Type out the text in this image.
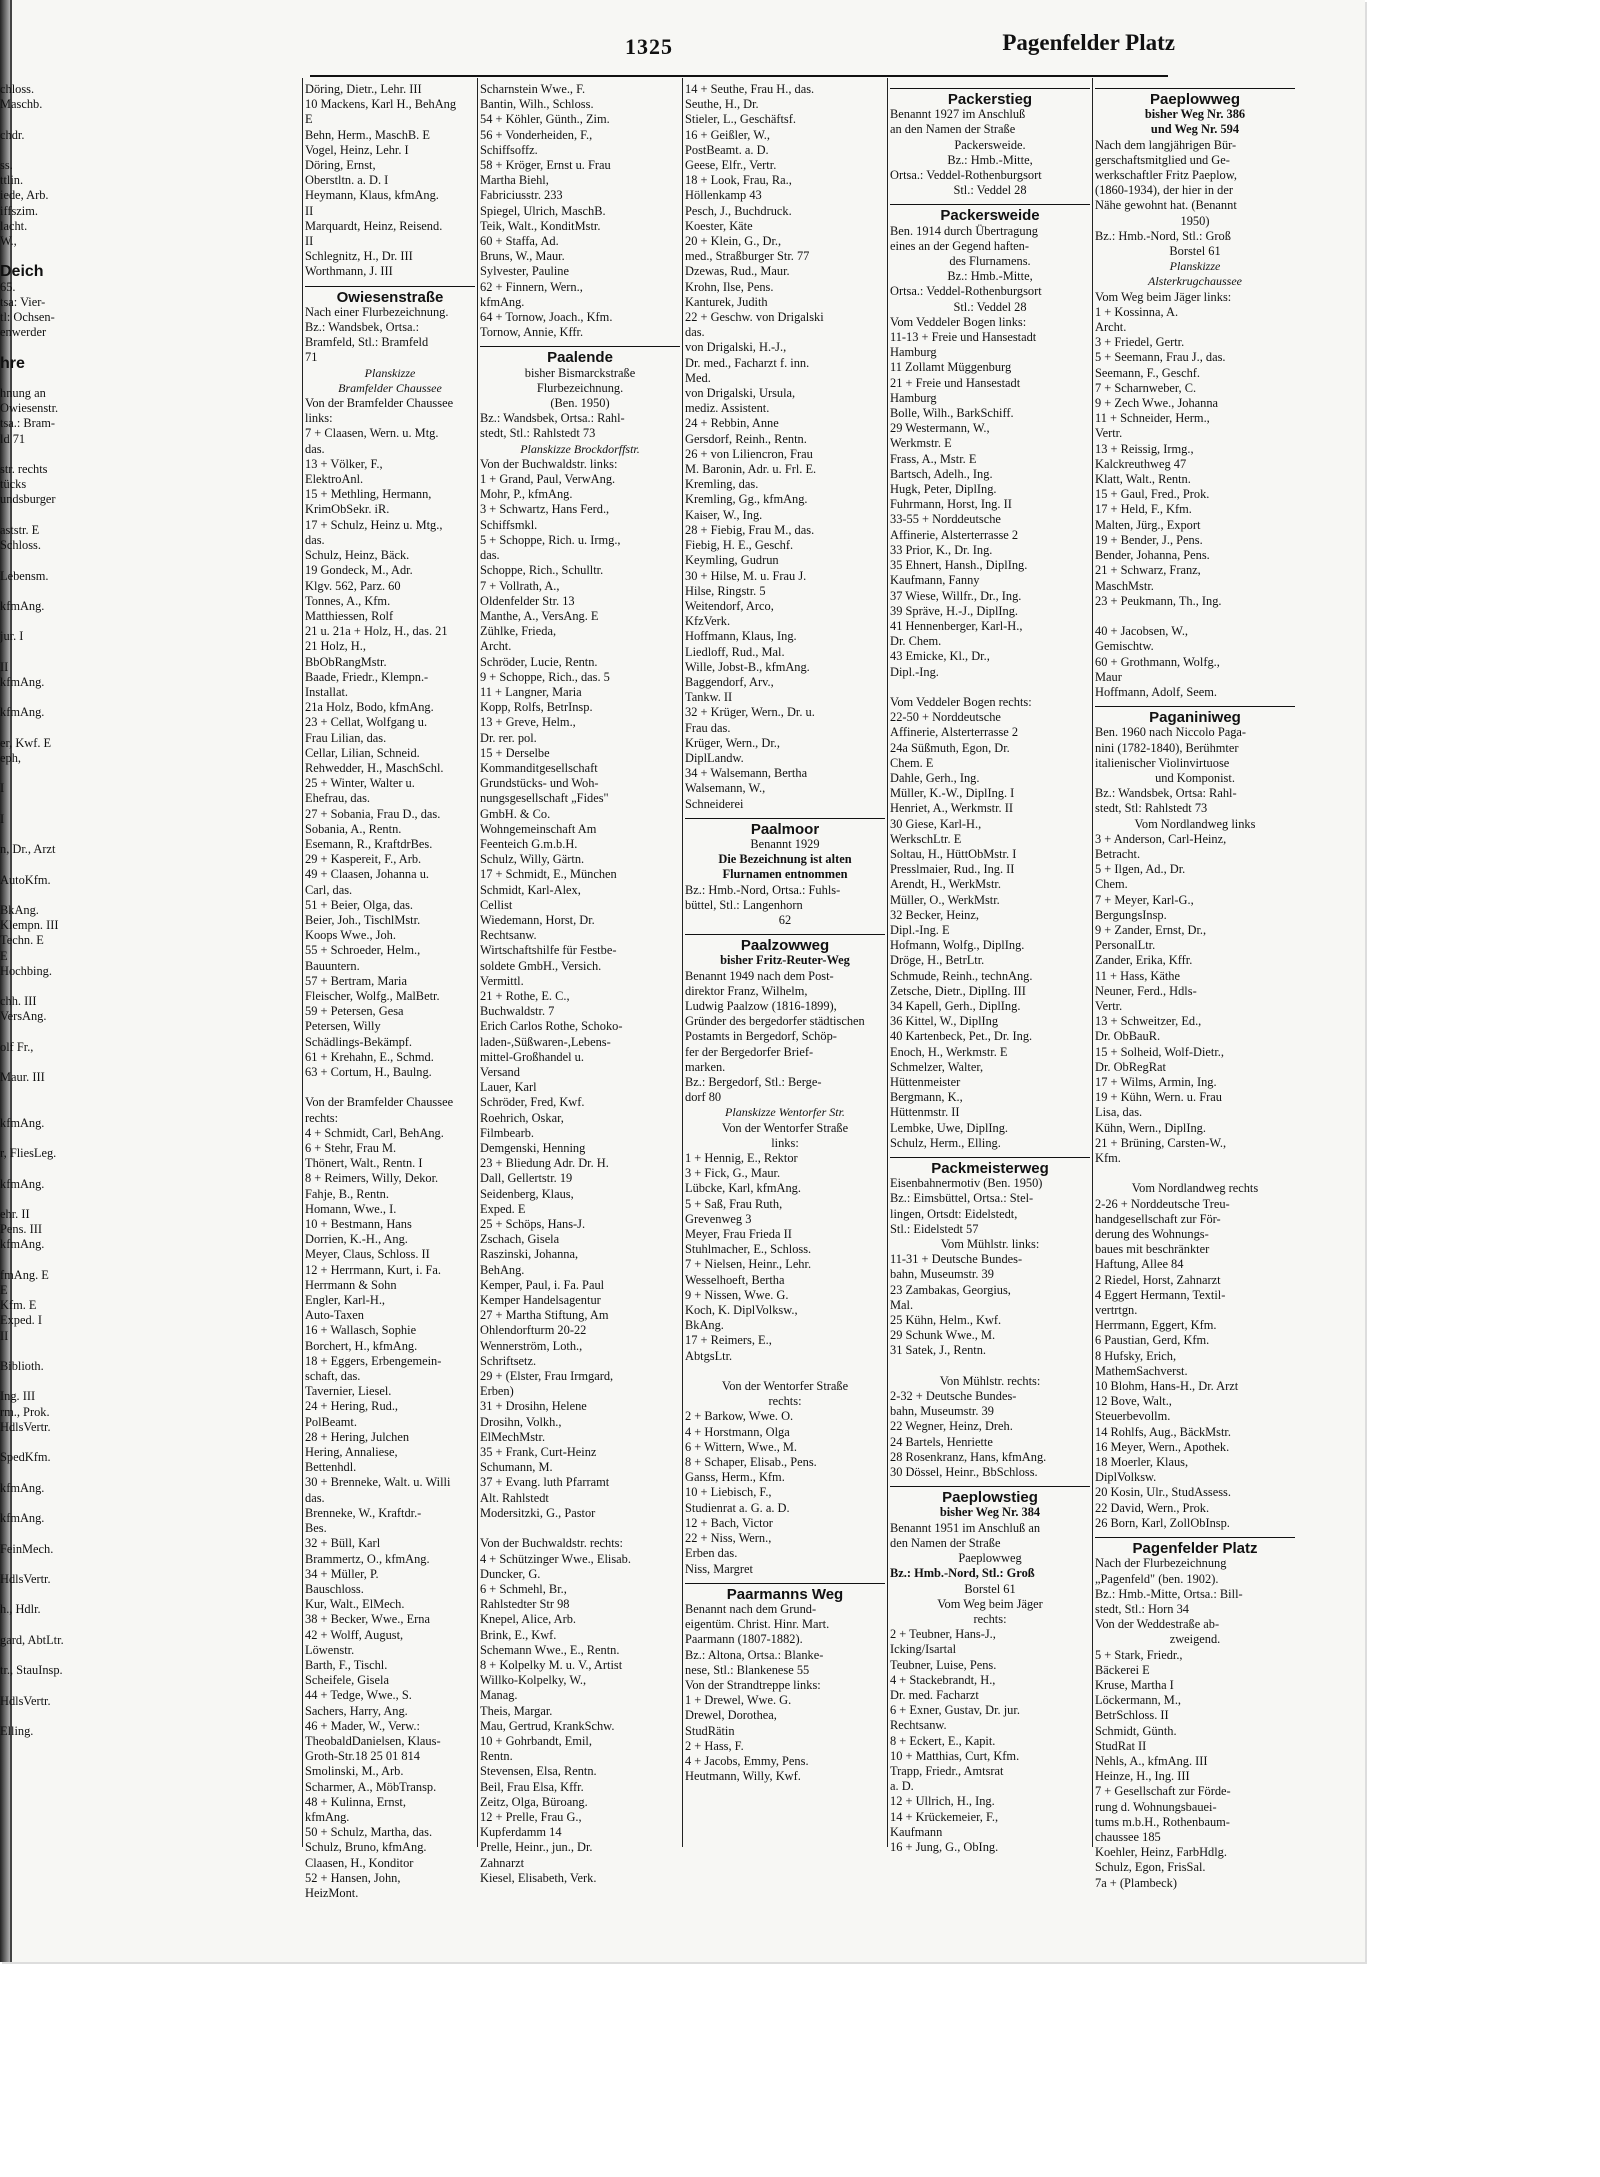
1325	Pagenfelder Platz
chloss.
Maschb.

chdr.

ss.
ttlin.
iede, Arb.
iffszim.
lacht.
W.,

Deich
65.
tsa: Vier-
tl: Ochsen-
enwerder

hre

hnung an
Owiesenstr.
tsa.: Bram-
ld 71

str. rechts
tücks
undsburger

aststr. E
Schloss.

Lebensm.

kfmAng.

jur. I

II
kfmAng.

kfmAng.

er, Kwf. E
eph,

I

I

n, Dr., Arzt

AutoKfm.

BkAng.
Klempn. III
Techn. E
E
Hochbing.

chh. III
VersAng.

olf Fr.,

Maur. III

kfmAng.

r, FliesLeg.

kfmAng.

ehr. II
Pens. III
kfmAng.

fmAng. E
E
Kfm. E
Exped. I
II

Biblioth.

Ing. III
rm., Prok.
HdlsVertr.

SpedKfm.

kfmAng.

kfmAng.

FeinMech.

HdlsVertr.

h., Hdlr.

gard, AbtLtr.

tr., StauInsp.

HdlsVertr.

Elling.
Döring, Dietr., Lehr. III
10 Mackens, Karl H., BehAng
E
Behn, Herm., MaschB. E
Vogel, Heinz, Lehr. I
Döring, Ernst,
Oberstltn. a. D. I
Heymann, Klaus, kfmAng.
II
Marquardt, Heinz, Reisend.
II
Schlegnitz, H., Dr. III
Worthmann, J. III
Owiesenstraße
Nach einer Flurbezeichnung.
Bz.: Wandsbek, Ortsa.:
Bramfeld, Stl.: Bramfeld
71
Planskizze
Bramfelder Chaussee
Von der Bramfelder Chaussee
links:
7 + Claasen, Wern. u. Mtg.
das.
13 + Völker, F.,
ElektroAnl.
15 + Methling, Hermann,
KrimObSekr. iR.
17 + Schulz, Heinz u. Mtg.,
das.
Schulz, Heinz, Bäck.
19 Gondeck, M., Adr.
Klgv. 562, Parz. 60
Tonnes, A., Kfm.
Matthiessen, Rolf
21 u. 21a + Holz, H., das. 21
21 Holz, H.,
BbObRangMstr.
Baade, Friedr., Klempn.-
Installat.
21a Holz, Bodo, kfmAng.
23 + Cellat, Wolfgang u.
Frau Lilian, das.
Cellar, Lilian, Schneid.
Rehwedder, H., MaschSchl.
25 + Winter, Walter u.
Ehefrau, das.
27 + Sobania, Frau D., das.
Sobania, A., Rentn.
Esemann, R., KraftdrBes.
29 + Kaspereit, F., Arb.
49 + Claasen, Johanna u.
Carl, das.
51 + Beier, Olga, das.
Beier, Joh., TischlMstr.
Koops Wwe., Joh.
55 + Schroeder, Helm.,
Bauuntern.
57 + Bertram, Maria
Fleischer, Wolfg., MalBetr.
59 + Petersen, Gesa
Petersen, Willy
Schädlings-Bekämpf.
61 + Krehahn, E., Schmd.
63 + Cortum, H., Baulng.

Von der Bramfelder Chaussee
rechts:
4 + Schmidt, Carl, BehAng.
6 + Stehr, Frau M.
Thönert, Walt., Rentn. I
8 + Reimers, Willy, Dekor.
Fahje, B., Rentn.
Homann, Wwe., I.
10 + Bestmann, Hans
Dorrien, K.-H., Ang.
Meyer, Claus, Schloss. II
12 + Herrmann, Kurt, i. Fa.
Herrmann & Sohn
Engler, Karl-H.,
Auto-Taxen
16 + Wallasch, Sophie
Borchert, H., kfmAng.
18 + Eggers, Erbengemein-
schaft, das.
Tavernier, Liesel.
24 + Hering, Rud.,
PolBeamt.
28 + Hering, Julchen
Hering, Annaliese,
Bettenhdl.
30 + Brenneke, Walt. u. Willi
das.
Brenneke, W., Kraftdr.-
Bes.
32 + Büll, Karl
Brammertz, O., kfmAng.
34 + Müller, P.
Bauschloss.
Kur, Walt., ElMech.
38 + Becker, Wwe., Erna
42 + Wolff, August,
Löwenstr.
Barth, F., Tischl.
Scheifele, Gisela
44 + Tedge, Wwe., S.
Sachers, Harry, Ang.
46 + Mader, W., Verw.:
TheobaldDanielsen, Klaus-
Groth-Str.18 25 01 814
Smolinski, M., Arb.
Scharmer, A., MöbTransp.
48 + Kulinna, Ernst,
kfmAng.
50 + Schulz, Martha, das.
Schulz, Bruno, kfmAng.
Claasen, H., Konditor
52 + Hansen, John,
HeizMont.
Scharnstein Wwe., F.
Bantin, Wilh., Schloss.
54 + Köhler, Günth., Zim.
56 + Vonderheiden, F.,
Schiffsoffz.
58 + Kröger, Ernst u. Frau
Martha Biehl,
Fabriciusstr. 233
Spiegel, Ulrich, MaschB.
Teik, Walt., KonditMstr.
60 + Staffa, Ad.
Bruns, W., Maur.
Sylvester, Pauline
62 + Finnern, Wern.,
kfmAng.
64 + Tornow, Joach., Kfm.
Tornow, Annie, Kffr.
Paalende
bisher Bismarckstraße
Flurbezeichnung.
(Ben. 1950)
Bz.: Wandsbek, Ortsa.: Rahl-
stedt, Stl.: Rahlstedt 73
Planskizze Brockdorffstr.
Von der Buchwaldstr. links:
1 + Grand, Paul, VerwAng.
Mohr, P., kfmAng.
3 + Schwartz, Hans Ferd.,
Schiffsmkl.
5 + Schoppe, Rich. u. Irmg.,
das.
Schoppe, Rich., Schulltr.
7 + Vollrath, A.,
Oldenfelder Str. 13
Manthe, A., VersAng. E
Zühlke, Frieda,
Archt.
Schröder, Lucie, Rentn.
9 + Schoppe, Rich., das. 5
11 + Langner, Maria
Kopp, Rolfs, BetrInsp.
13 + Greve, Helm.,
Dr. rer. pol.
15 + Derselbe
Kommanditgesellschaft
Grundstücks- und Woh-
nungsgesellschaft „Fides"
GmbH. & Co.
Wohngemeinschaft Am
Feenteich G.m.b.H.
Schulz, Willy, Gärtn.
17 + Schmidt, E., München
Schmidt, Karl-Alex,
Cellist
Wiedemann, Horst, Dr.
Rechtsanw.
Wirtschaftshilfe für Festbe-
soldete GmbH., Versich.
Vermittl.
21 + Rothe, E. C.,
Buchwaldstr. 7
Erich Carlos Rothe, Schoko-
laden-,Süßwaren-,Lebens-
mittel-Großhandel u.
Versand
Lauer, Karl
Schröder, Fred, Kwf.
Roehrich, Oskar,
Filmbearb.
Demgenski, Henning
23 + Bliedung Adr. Dr. H.
Dall, Gellertstr. 19
Seidenberg, Klaus,
Exped. E
25 + Schöps, Hans-J.
Zschach, Gisela
Raszinski, Johanna,
BehAng.
Kemper, Paul, i. Fa. Paul
Kemper Handelsagentur
27 + Martha Stiftung, Am
Ohlendorfturm 20-22
Wennerström, Loth.,
Schriftsetz.
29 + (Elster, Frau Irmgard,
Erben)
31 + Drosihn, Helene
Drosihn, Volkh.,
ElMechMstr.
35 + Frank, Curt-Heinz
Schumann, M.
37 + Evang. luth Pfarramt
Alt. Rahlstedt
Modersitzki, G., Pastor

Von der Buchwaldstr. rechts:
4 + Schützinger Wwe., Elisab.
Duncker, G.
6 + Schmehl, Br.,
Rahlstedter Str 98
Knepel, Alice, Arb.
Brink, E., Kwf.
Schemann Wwe., E., Rentn.
8 + Kolpelky M. u. V., Artist
Willko-Kolpelky, W.,
Manag.
Theis, Margar.
Mau, Gertrud, KrankSchw.
10 + Gohrbandt, Emil,
Rentn.
Stevensen, Elsa, Rentn.
Beil, Frau Elsa, Kffr.
Zeitz, Olga, Büroang.
12 + Prelle, Frau G.,
Kupferdamm 14
Prelle, Heinr., jun., Dr.
Zahnarzt
Kiesel, Elisabeth, Verk.
14 + Seuthe, Frau H., das.
Seuthe, H., Dr.
Stieler, L., Geschäftsf.
16 + Geißler, W.,
PostBeamt. a. D.
Geese, Elfr., Vertr.
18 + Look, Frau, Ra.,
Höllenkamp 43
Pesch, J., Buchdruck.
Koester, Käte
20 + Klein, G., Dr.,
med., Straßburger Str. 77
Dzewas, Rud., Maur.
Krohn, Ilse, Pens.
Kanturek, Judith
22 + Geschw. von Drigalski
das.
von Drigalski, H.-J.,
Dr. med., Facharzt f. inn.
Med.
von Drigalski, Ursula,
mediz. Assistent.
24 + Rebbin, Anne
Gersdorf, Reinh., Rentn.
26 + von Liliencron, Frau
M. Baronin, Adr. u. Frl. E.
Kremling, das.
Kremling, Gg., kfmAng.
Kaiser, W., Ing.
28 + Fiebig, Frau M., das.
Fiebig, H. E., Geschf.
Keymling, Gudrun
30 + Hilse, M. u. Frau J.
Hilse, Ringstr. 5
Weitendorf, Arco,
KfzVerk.
Hoffmann, Klaus, Ing.
Liedloff, Rud., Mal.
Wille, Jobst-B., kfmAng.
Baggendorf, Arv.,
Tankw. II
32 + Krüger, Wern., Dr. u.
Frau das.
Krüger, Wern., Dr.,
DiplLandw.
34 + Walsemann, Bertha
Walsemann, W.,
Schneiderei
Paalmoor
Benannt 1929
Die Bezeichnung ist alten
Flurnamen entnommen
Bz.: Hmb.-Nord, Ortsa.: Fuhls-
büttel, Stl.: Langenhorn
62
Paalzowweg
bisher Fritz-Reuter-Weg
Benannt 1949 nach dem Post-
direktor Franz, Wilhelm,
Ludwig Paalzow (1816-1899),
Gründer des bergedorfer städtischen
Postamts in Bergedorf, Schöp-
fer der Bergedorfer Brief-
marken.
Bz.: Bergedorf, Stl.: Berge-
dorf 80
Planskizze Wentorfer Str.
Von der Wentorfer Straße
links:
1 + Hennig, E., Rektor
3 + Fick, G., Maur.
Lübcke, Karl, kfmAng.
5 + Saß, Frau Ruth,
Grevenweg 3
Meyer, Frau Frieda II
Stuhlmacher, E., Schloss.
7 + Nielsen, Heinr., Lehr.
Wesselhoeft, Bertha
9 + Nissen, Wwe. G.
Koch, K. DiplVolksw.,
BkAng.
17 + Reimers, E.,
AbtgsLtr.

Von der Wentorfer Straße
rechts:
2 + Barkow, Wwe. O.
4 + Horstmann, Olga
6 + Wittern, Wwe., M.
8 + Schaper, Elisab., Pens.
Ganss, Herm., Kfm.
10 + Liebisch, F.,
Studienrat a. G. a. D.
12 + Bach, Victor
22 + Niss, Wern.,
Erben das.
Niss, Margret
Paarmanns Weg
Benannt nach dem Grund-
eigentüm. Christ. Hinr. Mart.
Paarmann (1807-1882).
Bz.: Altona, Ortsa.: Blanke-
nese, Stl.: Blankenese 55
Von der Strandtreppe links:
1 + Drewel, Wwe. G.
Drewel, Dorothea,
StudRätin
2 + Hass, F.
4 + Jacobs, Emmy, Pens.
Heutmann, Willy, Kwf.
Packerstieg
Benannt 1927 im Anschluß
an den Namen der Straße
Packersweide.
Bz.: Hmb.-Mitte,
Ortsa.: Veddel-Rothenburgsort
Stl.: Veddel 28
Packersweide
Ben. 1914 durch Übertragung
eines an der Gegend haften-
des Flurnamens.
Bz.: Hmb.-Mitte,
Ortsa.: Veddel-Rothenburgsort
Stl.: Veddel 28
Vom Veddeler Bogen links:
11-13 + Freie und Hansestadt
Hamburg
11 Zollamt Müggenburg
21 + Freie und Hansestadt
Hamburg
Bolle, Wilh., BarkSchiff.
29 Westermann, W.,
Werkmstr. E
Frass, A., Mstr. E
Bartsch, Adelh., Ing.
Hugk, Peter, DiplIng.
Fuhrmann, Horst, Ing. II
33-55 + Norddeutsche
Affinerie, Alsterterrasse 2
33 Prior, K., Dr. Ing.
35 Ehnert, Hansh., DiplIng.
Kaufmann, Fanny
37 Wiese, Willfr., Dr., Ing.
39 Spräve, H.-J., DiplIng.
41 Hennenberger, Karl-H.,
Dr. Chem.
43 Emicke, Kl., Dr.,
Dipl.-Ing.

Vom Veddeler Bogen rechts:
22-50 + Norddeutsche
Affinerie, Alsterterrasse 2
24a Süßmuth, Egon, Dr.
Chem. E
Dahle, Gerh., Ing.
Müller, K.-W., DiplIng. I
Henriet, A., Werkmstr. II
30 Giese, Karl-H.,
WerkschLtr. E
Soltau, H., HüttObMstr. I
Presslmaier, Rud., Ing. II
Arendt, H., WerkMstr.
Müller, O., WerkMstr.
32 Becker, Heinz,
Dipl.-Ing. E
Hofmann, Wolfg., DiplIng.
Dröge, H., BetrLtr.
Schmude, Reinh., technAng.
Zetsche, Dietr., DiplIng. III
34 Kapell, Gerh., DiplIng.
36 Kittel, W., DiplIng
40 Kartenbeck, Pet., Dr. Ing.
Enoch, H., Werkmstr. E
Schmelzer, Walter,
Hüttenmeister
Bergmann, K.,
Hüttenmstr. II
Lembke, Uwe, DiplIng.
Schulz, Herm., Elling.
Packmeisterweg
Eisenbahnermotiv (Ben. 1950)
Bz.: Eimsbüttel, Ortsa.: Stel-
lingen, Ortsdt: Eidelstedt,
Stl.: Eidelstedt 57
Vom Mühlstr. links:
11-31 + Deutsche Bundes-
bahn, Museumstr. 39
23 Zambakas, Georgius,
Mal.
25 Kühn, Helm., Kwf.
29 Schunk Wwe., M.
31 Satek, J., Rentn.

Von Mühlstr. rechts:
2-32 + Deutsche Bundes-
bahn, Museumstr. 39
22 Wegner, Heinz, Dreh.
24 Bartels, Henriette
28 Rosenkranz, Hans, kfmAng.
30 Dössel, Heinr., BbSchloss.
Paeplowstieg
bisher Weg Nr. 384
Benannt 1951 im Anschluß an
den Namen der Straße
Paeplowweg
Bz.: Hmb.-Nord, Stl.: Groß
Borstel 61
Vom Weg beim Jäger
rechts:
2 + Teubner, Hans-J.,
Icking/Isartal
Teubner, Luise, Pens.
4 + Stackebrandt, H.,
Dr. med. Facharzt
6 + Exner, Gustav, Dr. jur.
Rechtsanw.
8 + Eckert, E., Kapit.
10 + Matthias, Curt, Kfm.
Trapp, Friedr., Amtsrat
a. D.
12 + Ullrich, H., Ing.
14 + Krückemeier, F.,
Kaufmann
16 + Jung, G., ObIng.
Paeplowweg
bisher Weg Nr. 386
und Weg Nr. 594
Nach dem langjährigen Bür-
gerschaftsmitglied und Ge-
werkschaftler Fritz Paeplow,
(1860-1934), der hier in der
Nähe gewohnt hat. (Benannt
1950)
Bz.: Hmb.-Nord, Stl.: Groß
Borstel 61
Planskizze
Alsterkrugchaussee
Vom Weg beim Jäger links:
1 + Kossinna, A.
Archt.
3 + Friedel, Gertr.
5 + Seemann, Frau J., das.
Seemann, F., Geschf.
7 + Scharnweber, C.
9 + Zech Wwe., Johanna
11 + Schneider, Herm.,
Vertr.
13 + Reissig, Irmg.,
Kalckreuthweg 47
Klatt, Walt., Rentn.
15 + Gaul, Fred., Prok.
17 + Held, F., Kfm.
Malten, Jürg., Export
19 + Bender, J., Pens.
Bender, Johanna, Pens.
21 + Schwarz, Franz,
MaschMstr.
23 + Peukmann, Th., Ing.

40 + Jacobsen, W.,
Gemischtw.
60 + Grothmann, Wolfg.,
Maur
Hoffmann, Adolf, Seem.
Paganiniweg
Ben. 1960 nach Niccolo Paga-
nini (1782-1840), Berühmter
italienischer Violinvirtuose
und Komponist.
Bz.: Wandsbek, Ortsa: Rahl-
stedt, Stl: Rahlstedt 73
Vom Nordlandweg links
3 + Anderson, Carl-Heinz,
Betracht.
5 + Ilgen, Ad., Dr.
Chem.
7 + Meyer, Karl-G.,
BergungsInsp.
9 + Zander, Ernst, Dr.,
PersonalLtr.
Zander, Erika, Kffr.
11 + Hass, Käthe
Neuner, Ferd., Hdls-
Vertr.
13 + Schweitzer, Ed.,
Dr. ObBauR.
15 + Solheid, Wolf-Dietr.,
Dr. ObRegRat
17 + Wilms, Armin, Ing.
19 + Kühn, Wern. u. Frau
Lisa, das.
Kühn, Wern., DiplIng.
21 + Brüning, Carsten-W.,
Kfm.

Vom Nordlandweg rechts
2-26 + Norddeutsche Treu-
handgesellschaft zur För-
derung des Wohnungs-
baues mit beschränkter
Haftung, Allee 84
2 Riedel, Horst, Zahnarzt
4 Eggert Hermann, Textil-
vertrtgn.
Herrmann, Eggert, Kfm.
6 Paustian, Gerd, Kfm.
8 Hufsky, Erich,
MathemSachverst.
10 Blohm, Hans-H., Dr. Arzt
12 Bove, Walt.,
Steuerbevollm.
14 Rohlfs, Aug., BäckMstr.
16 Meyer, Wern., Apothek.
18 Moerler, Klaus,
DiplVolksw.
20 Kosin, Ulr., StudAssess.
22 David, Wern., Prok.
26 Born, Karl, ZollObInsp.
Pagenfelder Platz
Nach der Flurbezeichnung
„Pagenfeld" (ben. 1902).
Bz.: Hmb.-Mitte, Ortsa.: Bill-
stedt, Stl.: Horn 34
Von der Weddestraße ab-
zweigend.
5 + Stark, Friedr.,
Bäckerei E
Kruse, Martha I
Löckermann, M.,
BetrSchloss. II
Schmidt, Günth.
StudRat II
Nehls, A., kfmAng. III
Heinze, H., Ing. III
7 + Gesellschaft zur Förde-
rung d. Wohnungsbauei-
tums m.b.H., Rothenbaum-
chaussee 185
Koehler, Heinz, FarbHdlg.
Schulz, Egon, FrisSal.
7a + (Plambeck)
